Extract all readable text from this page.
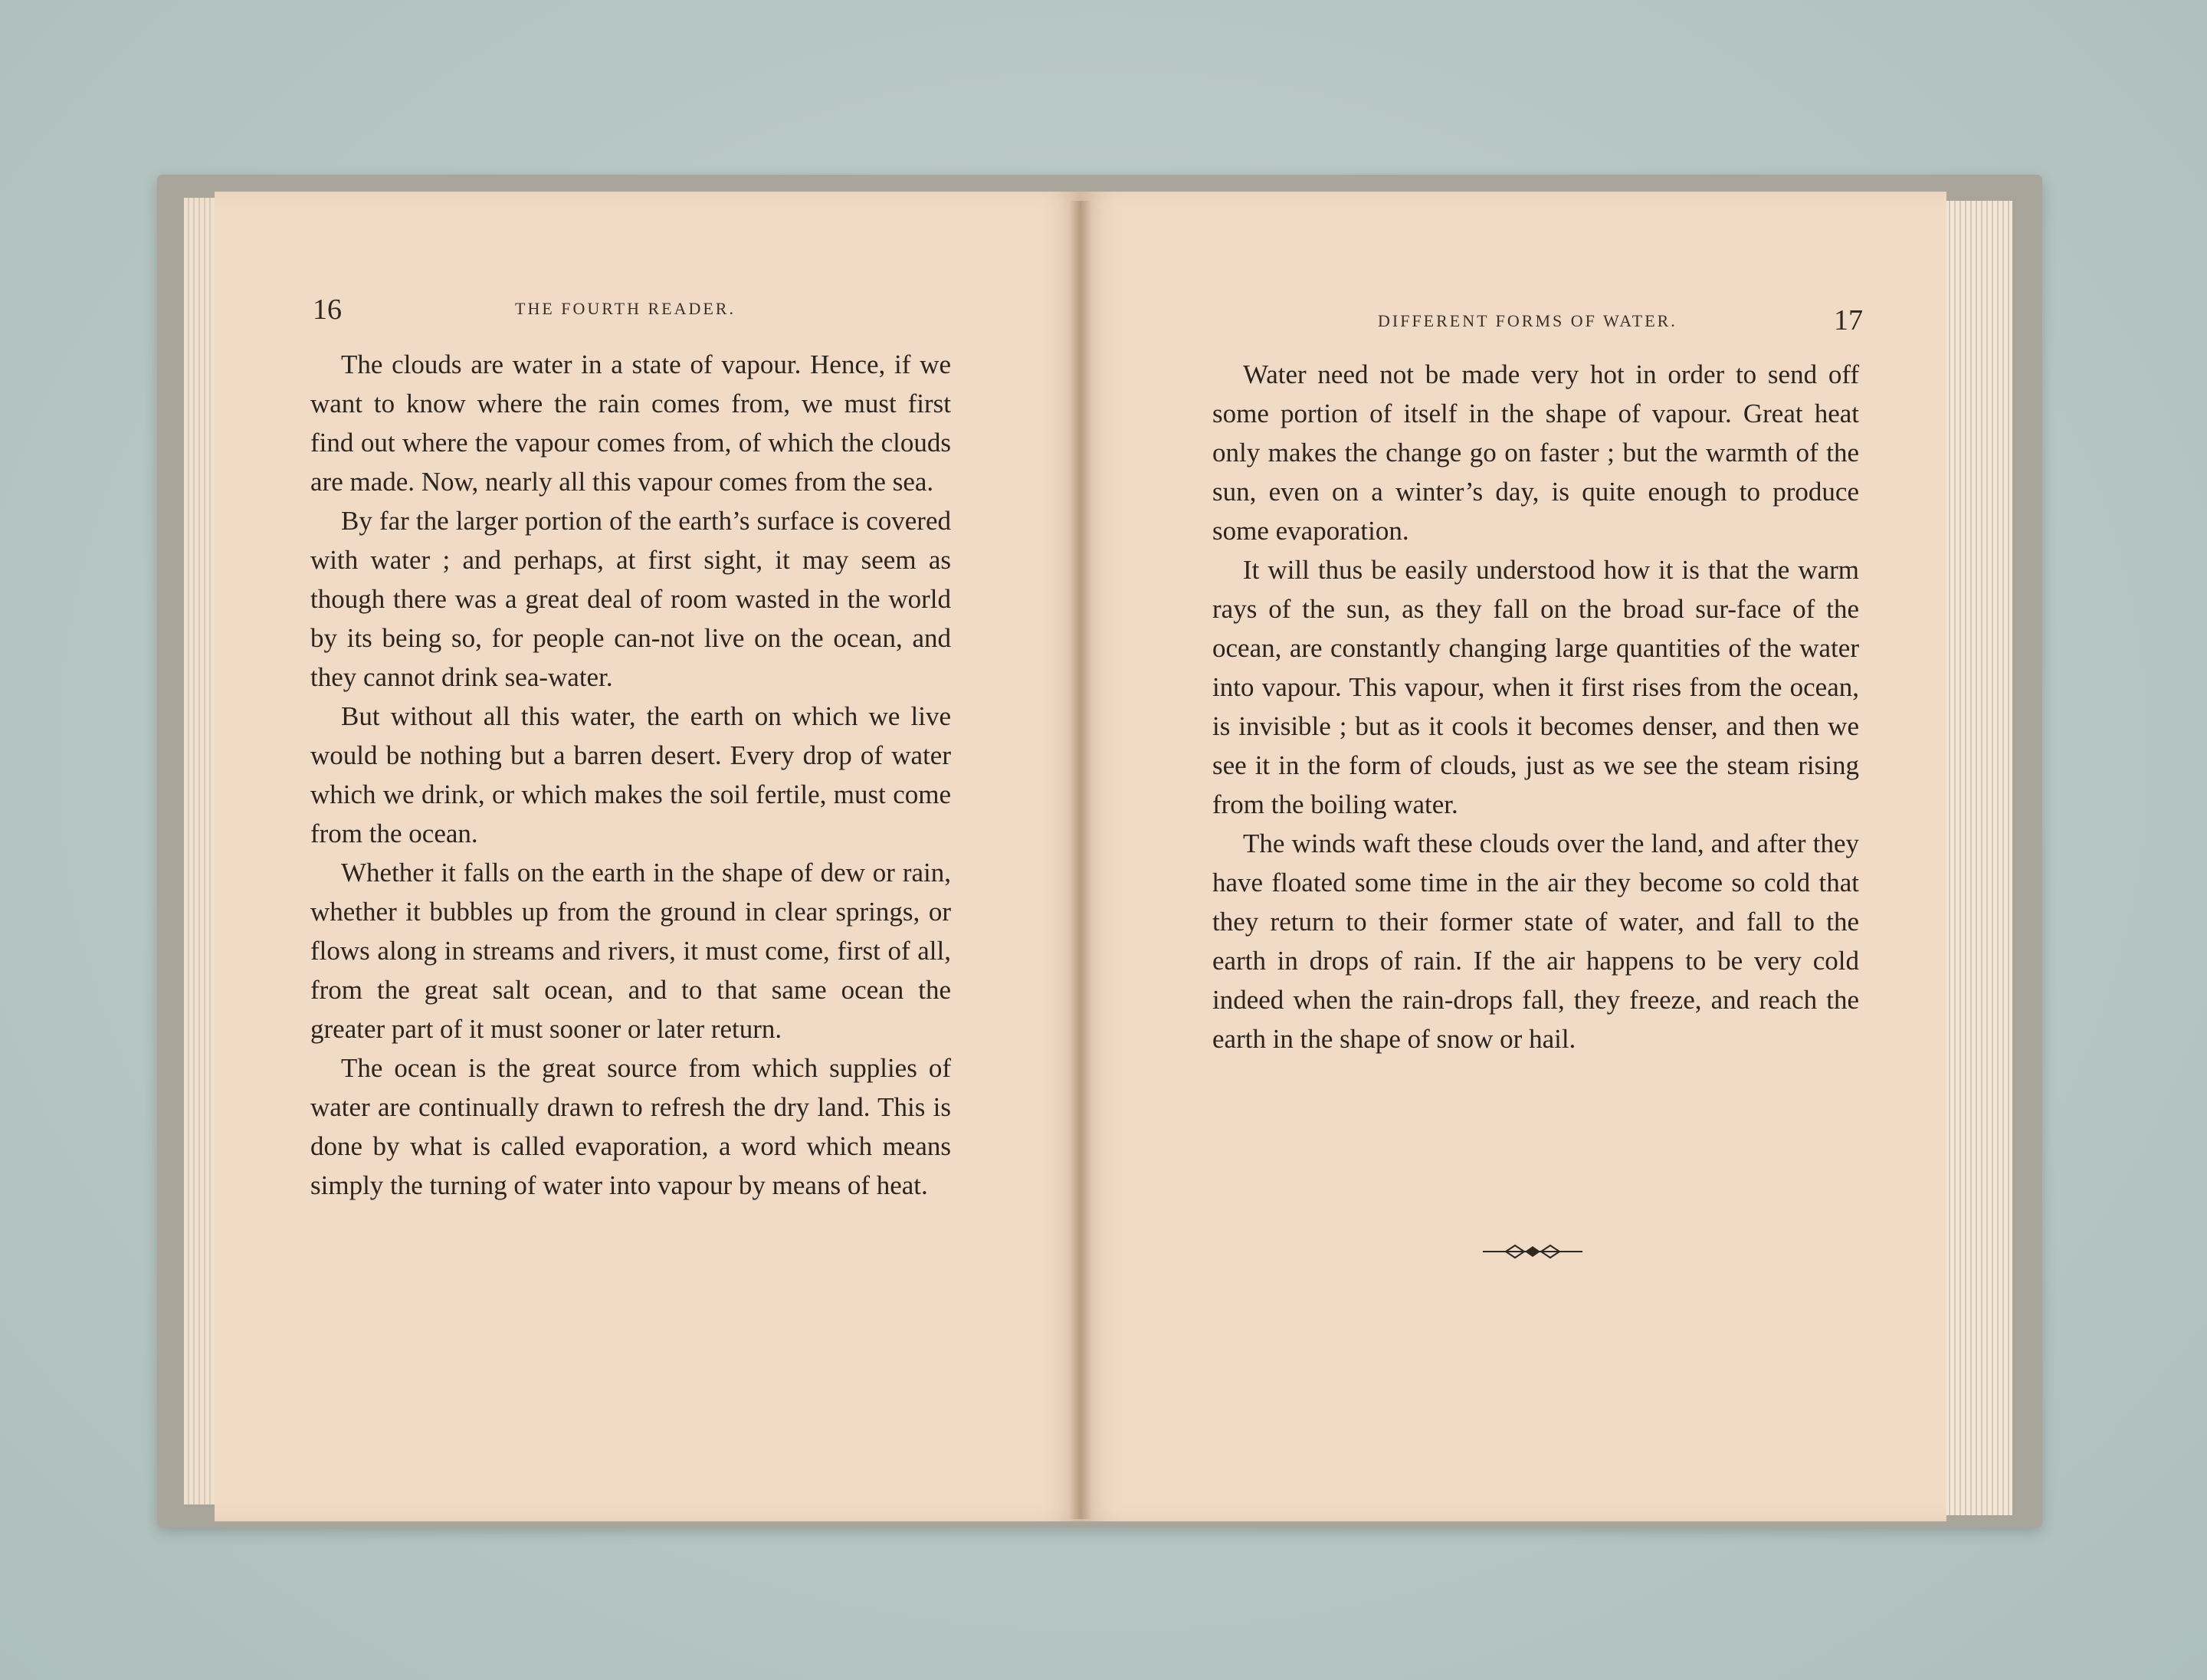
16	THE FOURTH READER.

The clouds are water in a state of vapour. Hence, if we want to know where the rain comes from, we must first find out where the vapour comes from, of which the clouds are made. Now, nearly all this vapour comes from the sea.

By far the larger portion of the earth’s surface is covered with water ; and perhaps, at first sight, it may seem as though there was a great deal of room wasted in the world by its being so, for people can-not live on the ocean, and they cannot drink sea-water.

But without all this water, the earth on which we live would be nothing but a barren desert. Every drop of water which we drink, or which makes the soil fertile, must come from the ocean.

Whether it falls on the earth in the shape of dew or rain, whether it bubbles up from the ground in clear springs, or flows along in streams and rivers, it must come, first of all, from the great salt ocean, and to that same ocean the greater part of it must sooner or later return.

The ocean is the great source from which supplies of water are continually drawn to refresh the dry land. This is done by what is called evaporation, a word which means simply the turning of water into vapour by means of heat.

DIFFERENT FORMS OF WATER.	17

Water need not be made very hot in order to send off some portion of itself in the shape of vapour. Great heat only makes the change go on faster ; but the warmth of the sun, even on a winter’s day, is quite enough to produce some evaporation.

It will thus be easily understood how it is that the warm rays of the sun, as they fall on the broad sur-face of the ocean, are constantly changing large quantities of the water into vapour. This vapour, when it first rises from the ocean, is invisible ; but as it cools it becomes denser, and then we see it in the form of clouds, just as we see the steam rising from the boiling water.

The winds waft these clouds over the land, and after they have floated some time in the air they become so cold that they return to their former state of water, and fall to the earth in drops of rain. If the air happens to be very cold indeed when the rain-drops fall, they freeze, and reach the earth in the shape of snow or hail.
